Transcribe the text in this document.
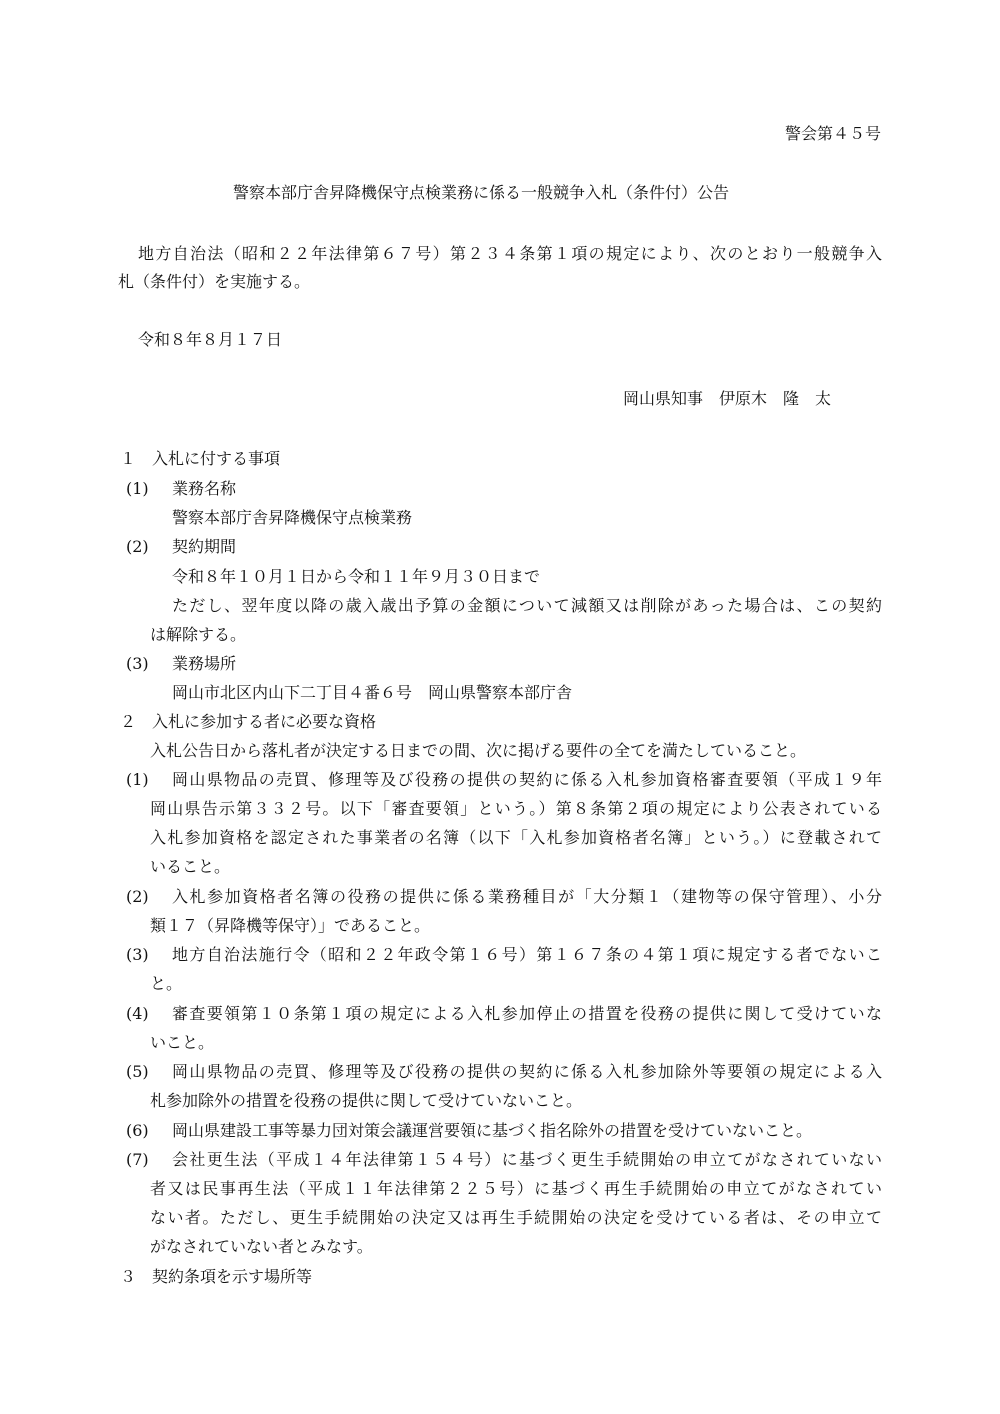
警会第４５号
警察本部庁舎昇降機保守点検業務に係る一般競争入札（条件付）公告
地方自治法（昭和２２年法律第６７号）第２３４条第１項の規定により、次のとおり一般競争入
札（条件付）を実施する。
令和８年８月１７日
岡山県知事　伊原木　隆　太
１　入札に付する事項
(1) 業務名称
警察本部庁舎昇降機保守点検業務
(2) 契約期間
令和８年１０月１日から令和１１年９月３０日まで
ただし、翌年度以降の歳入歳出予算の金額について減額又は削除があった場合は、この契約
は解除する。
(3) 業務場所
岡山市北区内山下二丁目４番６号　岡山県警察本部庁舎
２　入札に参加する者に必要な資格
入札公告日から落札者が決定する日までの間、次に掲げる要件の全てを満たしていること。
(1) 岡山県物品の売買、修理等及び役務の提供の契約に係る入札参加資格審査要領（平成１９年
岡山県告示第３３２号。以下「審査要領」という。）第８条第２項の規定により公表されている
入札参加資格を認定された事業者の名簿（以下「入札参加資格者名簿」という。）に登載されて
いること。
(2) 入札参加資格者名簿の役務の提供に係る業務種目が「大分類１（建物等の保守管理）、小分
類１７（昇降機等保守）」であること。
(3) 地方自治法施行令（昭和２２年政令第１６号）第１６７条の４第１項に規定する者でないこ
と。
(4) 審査要領第１０条第１項の規定による入札参加停止の措置を役務の提供に関して受けていな
いこと。
(5) 岡山県物品の売買、修理等及び役務の提供の契約に係る入札参加除外等要領の規定による入
札参加除外の措置を役務の提供に関して受けていないこと。
(6) 岡山県建設工事等暴力団対策会議運営要領に基づく指名除外の措置を受けていないこと。
(7) 会社更生法（平成１４年法律第１５４号）に基づく更生手続開始の申立てがなされていない
者又は民事再生法（平成１１年法律第２２５号）に基づく再生手続開始の申立てがなされてい
ない者。ただし、更生手続開始の決定又は再生手続開始の決定を受けている者は、その申立て
がなされていない者とみなす。
３　契約条項を示す場所等
